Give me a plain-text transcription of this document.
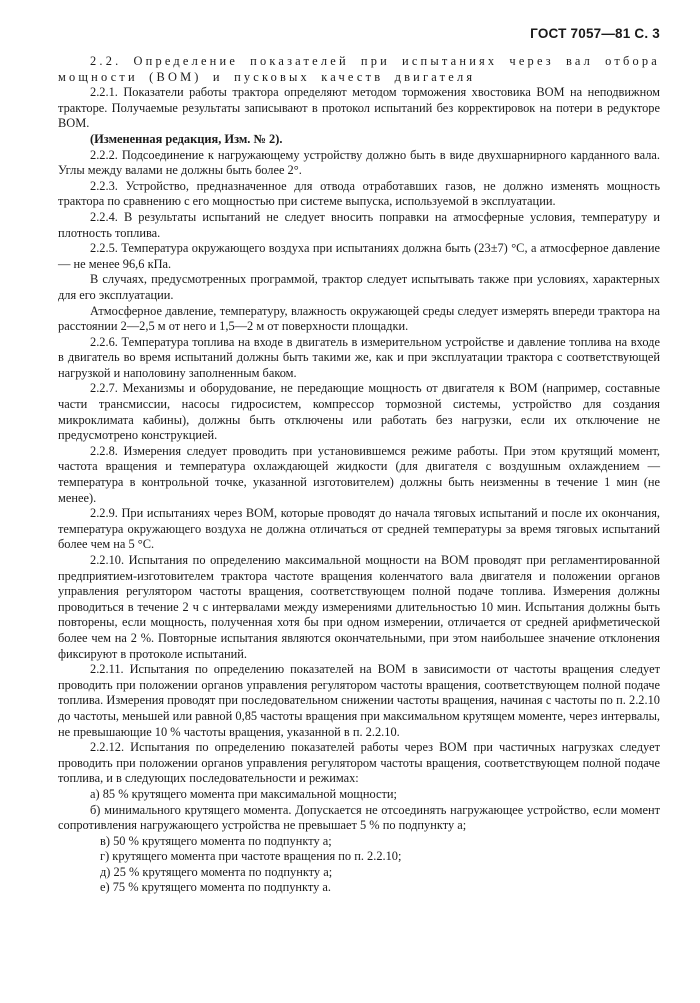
ГОСТ 7057—81 С. 3

2.2. Определение показателей при испытаниях через вал отбора мощности (ВОМ) и пусковых качеств двигателя

2.2.1. Показатели работы трактора определяют методом торможения хвостовика ВОМ на неподвижном тракторе. Получаемые результаты записывают в протокол испытаний без корректировок на потери в редукторе ВОМ.

(Измененная редакция, Изм. № 2).

2.2.2. Подсоединение к нагружающему устройству должно быть в виде двухшарнирного карданного вала. Углы между валами не должны быть более 2°.

2.2.3. Устройство, предназначенное для отвода отработавших газов, не должно изменять мощность трактора по сравнению с его мощностью при системе выпуска, используемой в эксплуатации.

2.2.4. В результаты испытаний не следует вносить поправки на атмосферные условия, температуру и плотность топлива.

2.2.5. Температура окружающего воздуха при испытаниях должна быть (23±7) °С, а атмосферное давление — не менее 96,6 кПа.

В случаях, предусмотренных программой, трактор следует испытывать также при условиях, характерных для его эксплуатации.

Атмосферное давление, температуру, влажность окружающей среды следует измерять впереди трактора на расстоянии 2—2,5 м от него и 1,5—2 м от поверхности площадки.

2.2.6. Температура топлива на входе в двигатель в измерительном устройстве и давление топлива на входе в двигатель во время испытаний должны быть такими же, как и при эксплуатации трактора с соответствующей нагрузкой и наполовину заполненным баком.

2.2.7. Механизмы и оборудование, не передающие мощность от двигателя к ВОМ (например, составные части трансмиссии, насосы гидросистем, компрессор тормозной системы, устройство для создания микроклимата кабины), должны быть отключены или работать без нагрузки, если их отключение не предусмотрено конструкцией.

2.2.8. Измерения следует проводить при установившемся режиме работы. При этом крутящий момент, частота вращения и температура охлаждающей жидкости (для двигателя с воздушным охлаждением — температура в контрольной точке, указанной изготовителем) должны быть неизменны в течение 1 мин (не менее).

2.2.9. При испытаниях через ВОМ, которые проводят до начала тяговых испытаний и после их окончания, температура окружающего воздуха не должна отличаться от средней температуры за время тяговых испытаний более чем на 5 °С.

2.2.10. Испытания по определению максимальной мощности на ВОМ проводят при регламентированной предприятием-изготовителем трактора частоте вращения коленчатого вала двигателя и положении органов управления регулятором частоты вращения, соответствующем полной подаче топлива. Измерения должны проводиться в течение 2 ч с интервалами между измерениями длительностью 10 мин. Испытания должны быть повторены, если мощность, полученная хотя бы при одном измерении, отличается от средней арифметической более чем на 2 %. Повторные испытания являются окончательными, при этом наибольшее значение отклонения фиксируют в протоколе испытаний.

2.2.11. Испытания по определению показателей на ВОМ в зависимости от частоты вращения следует проводить при положении органов управления регулятором частоты вращения, соответствующем полной подаче топлива. Измерения проводят при последовательном снижении частоты вращения, начиная с частоты по п. 2.2.10 до частоты, меньшей или равной 0,85 частоты вращения при максимальном крутящем моменте, через интервалы, не превышающие 10 % частоты вращения, указанной в п. 2.2.10.

2.2.12. Испытания по определению показателей работы через ВОМ при частичных нагрузках следует проводить при положении органов управления регулятором частоты вращения, соответствующем полной подаче топлива, и в следующих последовательности и режимах:

а) 85 % крутящего момента при максимальной мощности;

б) минимального крутящего момента. Допускается не отсоединять нагружающее устройство, если момент сопротивления нагружающего устройства не превышает 5 % по подпункту а;

в) 50 % крутящего момента по подпункту а;

г) крутящего момента при частоте вращения по п. 2.2.10;

д) 25 % крутящего момента по подпункту а;

е) 75 % крутящего момента по подпункту а.
